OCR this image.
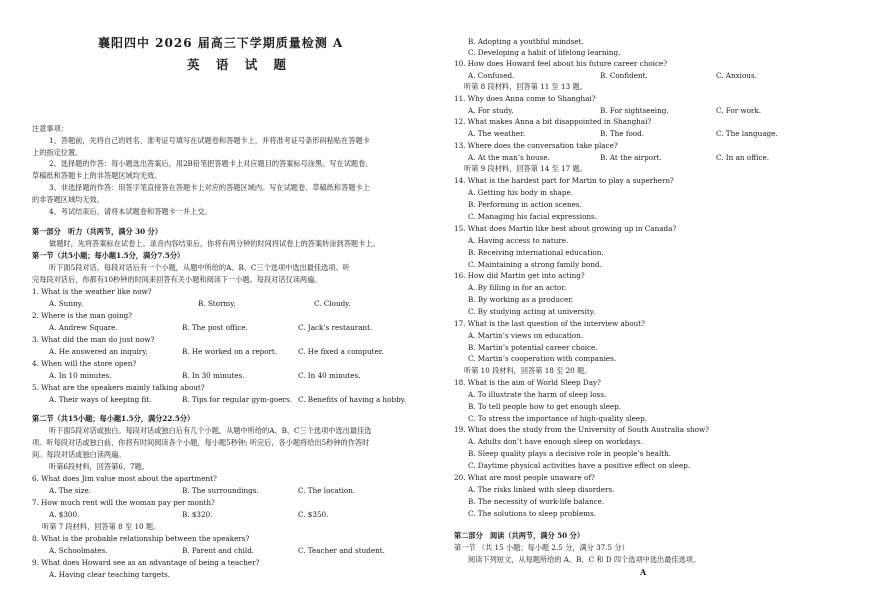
襄阳四中 2026 届高三下学期质量检测 A
英 语 试 题
注意事项：
1、答题前，先将自己的姓名、准考证号填写在试题卷和答题卡上，并将准考证号条形码粘贴在答题卡
上的指定位置。
2、选择题的作答：每小题选出答案后，用2B铅笔把答题卡上对应题目的答案标号涂黑。写在试题卷、
草稿纸和答题卡上的非答题区域均无效。
3、非选择题的作答：用签字笔直接答在答题卡上对应的答题区域内。写在试题卷、草稿纸和答题卡上
的非答题区域均无效。
4、考试结束后，请将本试题卷和答题卡一并上交。
第一部分　听力（共两节，满分 30 分）
做题时，先将答案标在试卷上。录音内容结束后，你将有两分钟的时间将试卷上的答案转涂到答题卡上。
第一节（共5小题；每小题1.5分，满分7.5分）
听下面5段对话。每段对话后有一个小题，从题中所给的A、B、C三个选项中选出最佳选项。听
完每段对话后，你都有10秒钟的时间来回答有关小题和阅读下一小题。每段对话仅读两遍。
1. What is the weather like now?
A. Sunny.	B. Stormy.	C. Cloudy.
2. Where is the man going?
A. Andrew Square.	B. The post office.	C. Jack’s restaurant.
3. What did the man do just now?
A. He answered an inquiry.	B. He worked on a report.	C. He fixed a computer.
4. When will the store open?
A. In 10 minutes.	B. In 30 minutes.	C. In 40 minutes.
5. What are the speakers mainly talking about?
A. Their ways of keeping fit.	B. Tips for regular gym-goers. C. Benefits of having a hobby.
第二节（共15小题；每小题1.5分，满分22.5分）
听下面5段对话或独白。每段对话或独白后有几个小题，从题中所给的A、B、C三个选项中选出最佳选
项。听每段对话或独白前，你将有时间阅读各个小题，每小题5秒钟; 听完后，各小题将给出5秒钟的作答时
间。每段对话或独白读两遍。
听第6段材料，回答第6、7题。
6. What does Jim value most about the apartment?
A. The size.	B. The surroundings.	C. The location.
7. How much rent will the woman pay per month?
A. $300.	B. $320.	C. $350.
听第 7 段材料，回答第 8 至 10 题。
8. What is the probable relationship between the speakers?
A. Schoolmates.	B. Parent and child.	C. Teacher and student.
9. What does Howard see as an advantage of being a teacher?
A. Having clear teaching targets.
B. Adopting a youthful mindset.
C. Developing a habit of lifelong learning.
10. How does Howard feel about his future career choice?
A. Confused.	B. Confident.	C. Anxious.
听第 8 段材料，回答第 11 至 13 题。
11. Why does Anna come to Shanghai?
A. For study.	B. For sightseeing.	C. For work.
12. What makes Anna a bit disappointed in Shanghai?
A. The weather.	B. The food.	C. The language.
13. Where does the conversation take place?
A. At the man’s house.	B. At the airport.	C. In an office.
听第 9 段材料，回答第 14 至 17 题。
14. What is the hardest part for Martin to play a superhero?
A. Getting his body in shape.
B. Performing in action scenes.
C. Managing his facial expressions.
15. What does Martin like best about growing up in Canada?
A. Having access to nature.
B. Receiving international education.
C. Maintaining a strong family bond.
16. How did Martin get into acting?
A. By filling in for an actor.
B. By working as a producer.
C. By studying acting at university.
17. What is the last question of the interview about?
A. Martin’s views on education.
B. Martin’s potential career choice.
C. Martin’s cooperation with companies.
听第 10 段材料，回答第 18 至 20 题。
18. What is the aim of World Sleep Day?
A. To illustrate the harm of sleep loss.
B. To tell people how to get enough sleep.
C. To stress the importance of high-quality sleep.
19. What does the study from the University of South Australia show?
A. Adults don’t have enough sleep on workdays.
B. Sleep quality plays a decisive role in people’s health.
C. Daytime physical activities have a positive effect on sleep.
20. What are most people unaware of?
A. The risks linked with sleep disorders.
B. The necessity of work-life balance.
C. The solutions to sleep problems.
第二部分　阅读（共两节，满分 50 分）
第一节 （共 15 小题；每小题 2.5 分，满分 37.5 分）
阅读下列短文，从每题所给的 A、B、C 和 D 四个选项中选出最佳选项。
A
